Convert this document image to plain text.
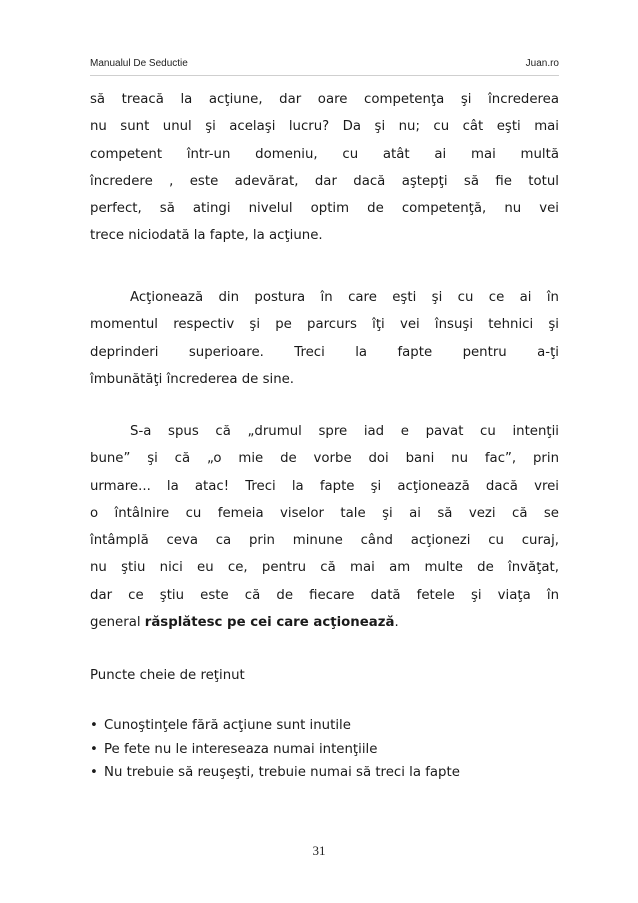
Manualul De Seductie	Juan.ro

să treacă la acţiune, dar oare competenţa şi încrederea
nu sunt unul şi acelaşi lucru? Da şi nu; cu cât eşti mai
competent într-un domeniu, cu atât ai mai multă
încredere , este adevărat, dar dacă aştepţi să fie totul
perfect, să atingi nivelul optim de competenţă, nu vei
trece niciodată la fapte, la acţiune.

Acţionează din postura în care eşti şi cu ce ai în
momentul respectiv şi pe parcurs îţi vei însuşi tehnici şi
deprinderi superioare. Treci la fapte pentru a-ţi
îmbunătăţi încrederea de sine.

S-a spus că „drumul spre iad e pavat cu intenţii
bune” şi că „o mie de vorbe doi bani nu fac”, prin
urmare... la atac! Treci la fapte şi acţionează dacă vrei
o întâlnire cu femeia viselor tale şi ai să vezi că se
întâmplă ceva ca prin minune când acţionezi cu curaj,
nu ştiu nici eu ce, pentru că mai am multe de învăţat,
dar ce ştiu este că de fiecare dată fetele şi viaţa în
general răsplătesc pe cei care acţionează.

Puncte cheie de reţinut
• Cunoştinţele fără acţiune sunt inutile
• Pe fete nu le intereseaza numai intenţiile
• Nu trebuie să reuşeşti, trebuie numai să treci la fapte
31
